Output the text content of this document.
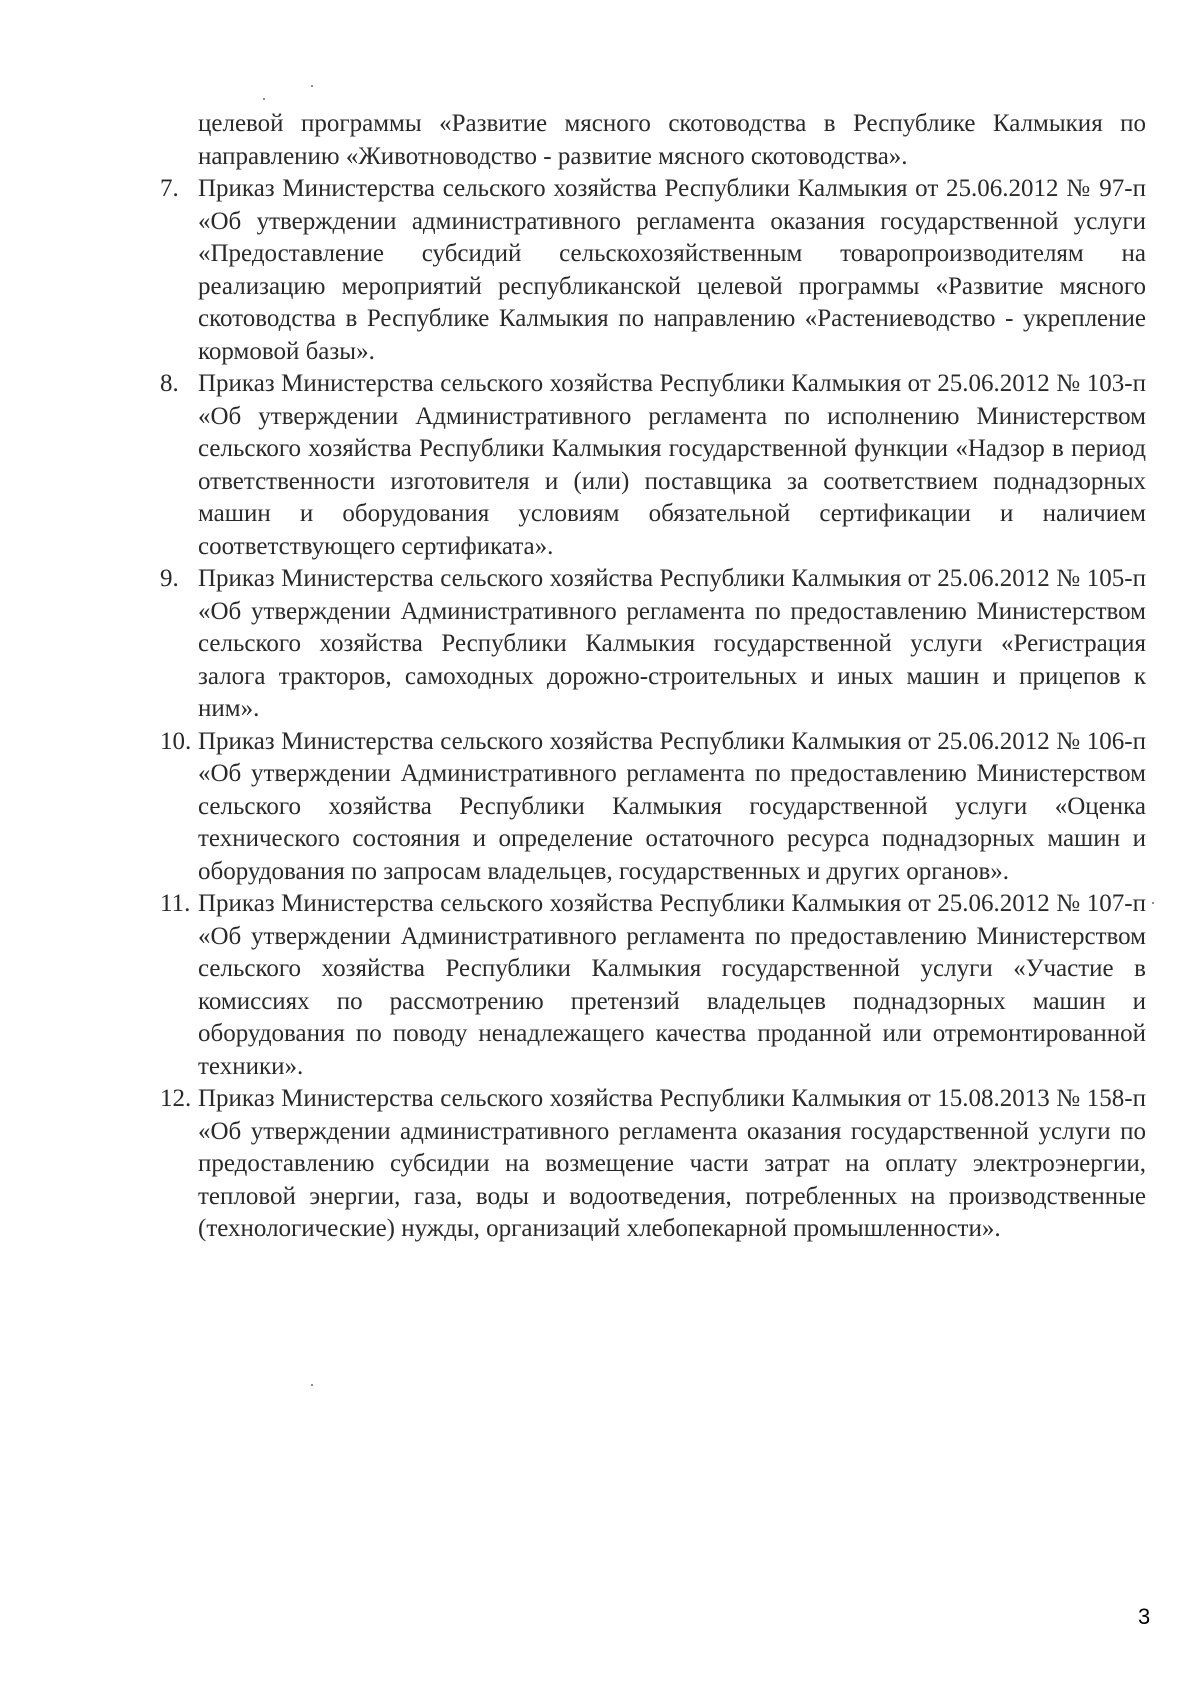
целевой программы «Развитие мясного скотоводства в Республике Калмыкия по направлению «Животноводство - развитие мясного скотоводства».

7. Приказ Министерства сельского хозяйства Республики Калмыкия от 25.06.2012 № 97-п «Об утверждении административного регламента оказания государственной услуги «Предоставление субсидий сельскохозяйственным товаропроизводителям на реализацию мероприятий республиканской целевой программы «Развитие мясного скотоводства в Республике Калмыкия по направлению «Растениеводство - укрепление кормовой базы».
8. Приказ Министерства сельского хозяйства Республики Калмыкия от 25.06.2012 № 103-п «Об утверждении Административного регламента по исполнению Министерством сельского хозяйства Республики Калмыкия государственной функции «Надзор в период ответственности изготовителя и (или) поставщика за соответствием поднадзорных машин и оборудования условиям обязательной сертификации и наличием соответствующего сертификата».
9. Приказ Министерства сельского хозяйства Республики Калмыкия от 25.06.2012 № 105-п «Об утверждении Административного регламента по предоставлению Министерством сельского хозяйства Республики Калмыкия государственной услуги «Регистрация залога тракторов, самоходных дорожно-строительных и иных машин и прицепов к ним».
10. Приказ Министерства сельского хозяйства Республики Калмыкия от 25.06.2012 № 106-п «Об утверждении Административного регламента по предоставлению Министерством сельского хозяйства Республики Калмыкия государственной услуги «Оценка технического состояния и определение остаточного ресурса поднадзорных машин и оборудования по запросам владельцев, государственных и других органов».
11. Приказ Министерства сельского хозяйства Республики Калмыкия от 25.06.2012 № 107-п «Об утверждении Административного регламента по предоставлению Министерством сельского хозяйства Республики Калмыкия государственной услуги «Участие в комиссиях по рассмотрению претензий владельцев поднадзорных машин и оборудования по поводу ненадлежащего качества проданной или отремонтированной техники».
12. Приказ Министерства сельского хозяйства Республики Калмыкия от 15.08.2013 № 158-п «Об утверждении административного регламента оказания государственной услуги по предоставлению субсидии на возмещение части затрат на оплату электроэнергии, тепловой энергии, газа, воды и водоотведения, потребленных на производственные (технологические) нужды, организаций хлебопекарной промышленности».
3
